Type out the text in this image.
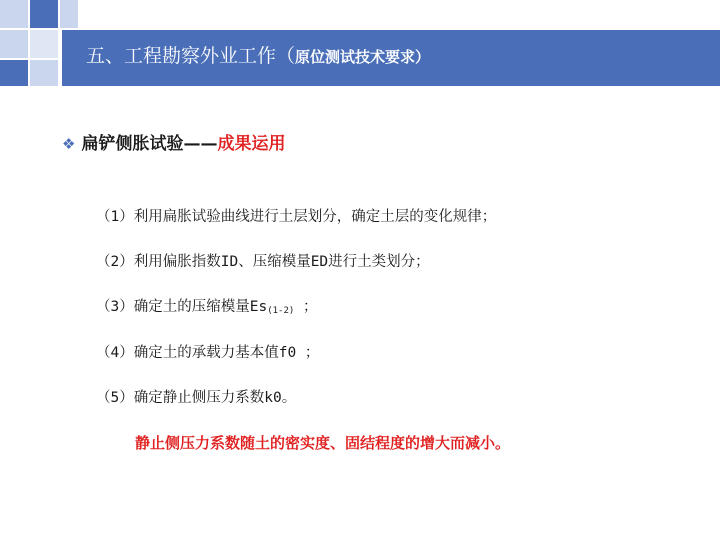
五、工程勘察外业工作（原位测试技术要求）
❖ 扁铲侧胀试验——成果运用
（1）利用扁胀试验曲线进行土层划分，确定土层的变化规律；
（2）利用偏胀指数ID、压缩模量ED进行土类划分；
（3）确定土的压缩模量$Es_{(1-2)}$ ；
（4）确定土的承载力基本值f0 ；
（5）确定静止侧压力系数k0。
静止侧压力系数随土的密实度、固结程度的增大而减小。
